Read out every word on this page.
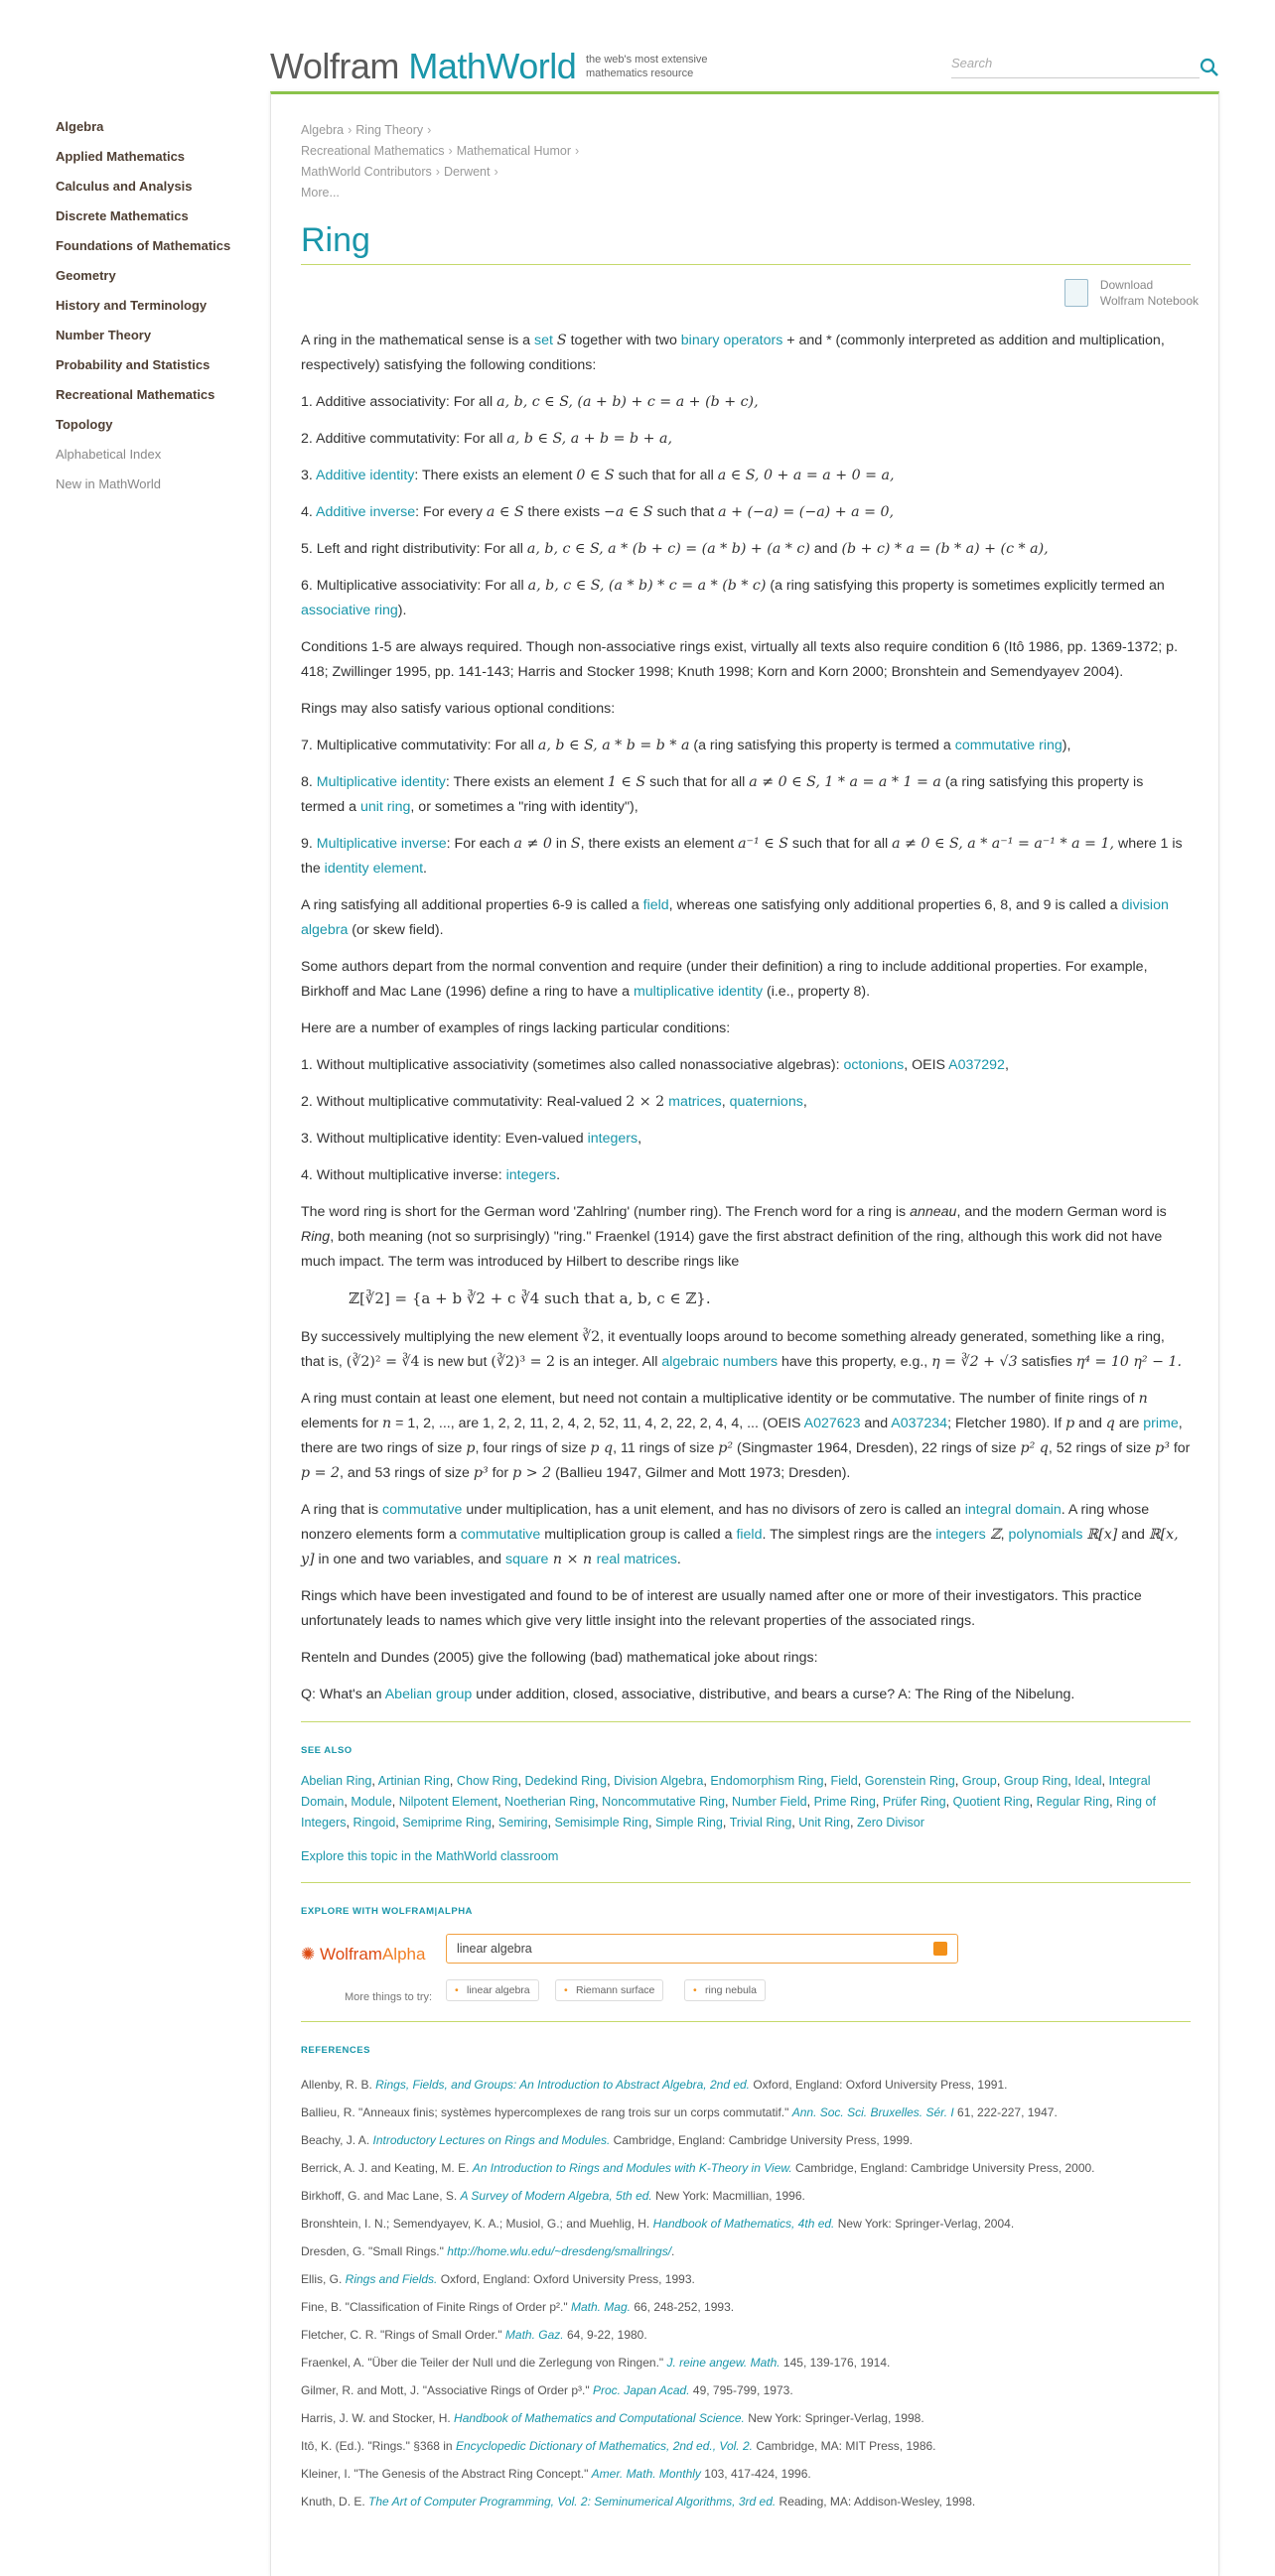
Wolfram MathWorld the web's most extensive mathematics resource
Search
Algebra
Applied Mathematics
Calculus and Analysis
Discrete Mathematics
Foundations of Mathematics
Geometry
History and Terminology
Number Theory
Probability and Statistics
Recreational Mathematics
Topology
Alphabetical Index
New in MathWorld
Algebra › Ring Theory ›
Recreational Mathematics › Mathematical Humor ›
MathWorld Contributors › Derwent ›
More...
Ring
Download
Wolfram Notebook

A ring in the mathematical sense is a set S together with two binary operators + and * (commonly interpreted as addition and multiplication, respectively) satisfying the following conditions:

1. Additive associativity: For all a, b, c ∈ S, (a + b) + c = a + (b + c),

2. Additive commutativity: For all a, b ∈ S, a + b = b + a,

3. Additive identity: There exists an element 0 ∈ S such that for all a ∈ S, 0 + a = a + 0 = a,

4. Additive inverse: For every a ∈ S there exists −a ∈ S such that a + (−a) = (−a) + a = 0,

5. Left and right distributivity: For all a, b, c ∈ S, a * (b + c) = (a * b) + (a * c) and (b + c) * a = (b * a) + (c * a),

6. Multiplicative associativity: For all a, b, c ∈ S, (a * b) * c = a * (b * c) (a ring satisfying this property is sometimes explicitly termed an associative ring).

Conditions 1-5 are always required. Though non-associative rings exist, virtually all texts also require condition 6 (Itô 1986, pp. 1369-1372; p. 418; Zwillinger 1995, pp. 141-143; Harris and Stocker 1998; Knuth 1998; Korn and Korn 2000; Bronshtein and Semendyayev 2004).

Rings may also satisfy various optional conditions:

7. Multiplicative commutativity: For all a, b ∈ S, a * b = b * a (a ring satisfying this property is termed a commutative ring),

8. Multiplicative identity: There exists an element 1 ∈ S such that for all a ≠ 0 ∈ S, 1 * a = a * 1 = a (a ring satisfying this property is termed a unit ring, or sometimes a "ring with identity"),

9. Multiplicative inverse: For each a ≠ 0 in S, there exists an element a⁻¹ ∈ S such that for all a ≠ 0 ∈ S, a * a⁻¹ = a⁻¹ * a = 1, where 1 is the identity element.

A ring satisfying all additional properties 6-9 is called a field, whereas one satisfying only additional properties 6, 8, and 9 is called a division algebra (or skew field).

Some authors depart from the normal convention and require (under their definition) a ring to include additional properties. For example, Birkhoff and Mac Lane (1996) define a ring to have a multiplicative identity (i.e., property 8).

Here are a number of examples of rings lacking particular conditions:

1. Without multiplicative associativity (sometimes also called nonassociative algebras): octonions, OEIS A037292,

2. Without multiplicative commutativity: Real-valued 2 × 2 matrices, quaternions,

3. Without multiplicative identity: Even-valued integers,

4. Without multiplicative inverse: integers.

The word ring is short for the German word 'Zahlring' (number ring). The French word for a ring is anneau, and the modern German word is Ring, both meaning (not so surprisingly) "ring." Fraenkel (1914) gave the first abstract definition of the ring, although this work did not have much impact. The term was introduced by Hilbert to describe rings like

ℤ[∛2] = {a + b ∛2 + c ∛4 such that a, b, c ∈ ℤ}.

By successively multiplying the new element ∛2, it eventually loops around to become something already generated, something like a ring, that is, (∛2)² = ∛4 is new but (∛2)³ = 2 is an integer. All algebraic numbers have this property, e.g., η = ∛2 + √3 satisfies η⁴ = 10 η² − 1.

A ring must contain at least one element, but need not contain a multiplicative identity or be commutative. The number of finite rings of n elements for n = 1, 2, ..., are 1, 2, 2, 11, 2, 4, 2, 52, 11, 4, 2, 22, 2, 4, 4, ... (OEIS A027623 and A037234; Fletcher 1980). If p and q are prime, there are two rings of size p, four rings of size p q, 11 rings of size p² (Singmaster 1964, Dresden), 22 rings of size p² q, 52 rings of size p³ for p = 2, and 53 rings of size p³ for p > 2 (Ballieu 1947, Gilmer and Mott 1973; Dresden).

A ring that is commutative under multiplication, has a unit element, and has no divisors of zero is called an integral domain. A ring whose nonzero elements form a commutative multiplication group is called a field. The simplest rings are the integers ℤ, polynomials ℝ[x] and ℝ[x, y] in one and two variables, and square n × n real matrices.

Rings which have been investigated and found to be of interest are usually named after one or more of their investigators. This practice unfortunately leads to names which give very little insight into the relevant properties of the associated rings.

Renteln and Dundes (2005) give the following (bad) mathematical joke about rings:

Q: What's an Abelian group under addition, closed, associative, distributive, and bears a curse? A: The Ring of the Nibelung.

SEE ALSO
Abelian Ring, Artinian Ring, Chow Ring, Dedekind Ring, Division Algebra, Endomorphism Ring, Field, Gorenstein Ring, Group, Group Ring, Ideal, Integral Domain, Module, Nilpotent Element, Noetherian Ring, Noncommutative Ring, Number Field, Prime Ring, Prüfer Ring, Quotient Ring, Regular Ring, Ring of Integers, Ringoid, Semiprime Ring, Semiring, Semisimple Ring, Simple Ring, Trivial Ring, Unit Ring, Zero Divisor
Explore this topic in the MathWorld classroom
EXPLORE WITH WOLFRAM|ALPHA
✺ WolframAlpha	linear algebra
More things to try:
• linear algebra	• Riemann surface	• ring nebula
REFERENCES
Allenby, R. B. Rings, Fields, and Groups: An Introduction to Abstract Algebra, 2nd ed. Oxford, England: Oxford University Press, 1991.
Ballieu, R. "Anneaux finis; systèmes hypercomplexes de rang trois sur un corps commutatif." Ann. Soc. Sci. Bruxelles. Sér. I 61, 222-227, 1947.
Beachy, J. A. Introductory Lectures on Rings and Modules. Cambridge, England: Cambridge University Press, 1999.
Berrick, A. J. and Keating, M. E. An Introduction to Rings and Modules with K-Theory in View. Cambridge, England: Cambridge University Press, 2000.
Birkhoff, G. and Mac Lane, S. A Survey of Modern Algebra, 5th ed. New York: Macmillian, 1996.
Bronshtein, I. N.; Semendyayev, K. A.; Musiol, G.; and Muehlig, H. Handbook of Mathematics, 4th ed. New York: Springer-Verlag, 2004.
Dresden, G. "Small Rings." http://home.wlu.edu/~dresdeng/smallrings/.
Ellis, G. Rings and Fields. Oxford, England: Oxford University Press, 1993.
Fine, B. "Classification of Finite Rings of Order p²." Math. Mag. 66, 248-252, 1993.
Fletcher, C. R. "Rings of Small Order." Math. Gaz. 64, 9-22, 1980.
Fraenkel, A. "Über die Teiler der Null und die Zerlegung von Ringen." J. reine angew. Math. 145, 139-176, 1914.
Gilmer, R. and Mott, J. "Associative Rings of Order p³." Proc. Japan Acad. 49, 795-799, 1973.
Harris, J. W. and Stocker, H. Handbook of Mathematics and Computational Science. New York: Springer-Verlag, 1998.
Itô, K. (Ed.). "Rings." §368 in Encyclopedic Dictionary of Mathematics, 2nd ed., Vol. 2. Cambridge, MA: MIT Press, 1986.
Kleiner, I. "The Genesis of the Abstract Ring Concept." Amer. Math. Monthly 103, 417-424, 1996.
Knuth, D. E. The Art of Computer Programming, Vol. 2: Seminumerical Algorithms, 3rd ed. Reading, MA: Addison-Wesley, 1998.
